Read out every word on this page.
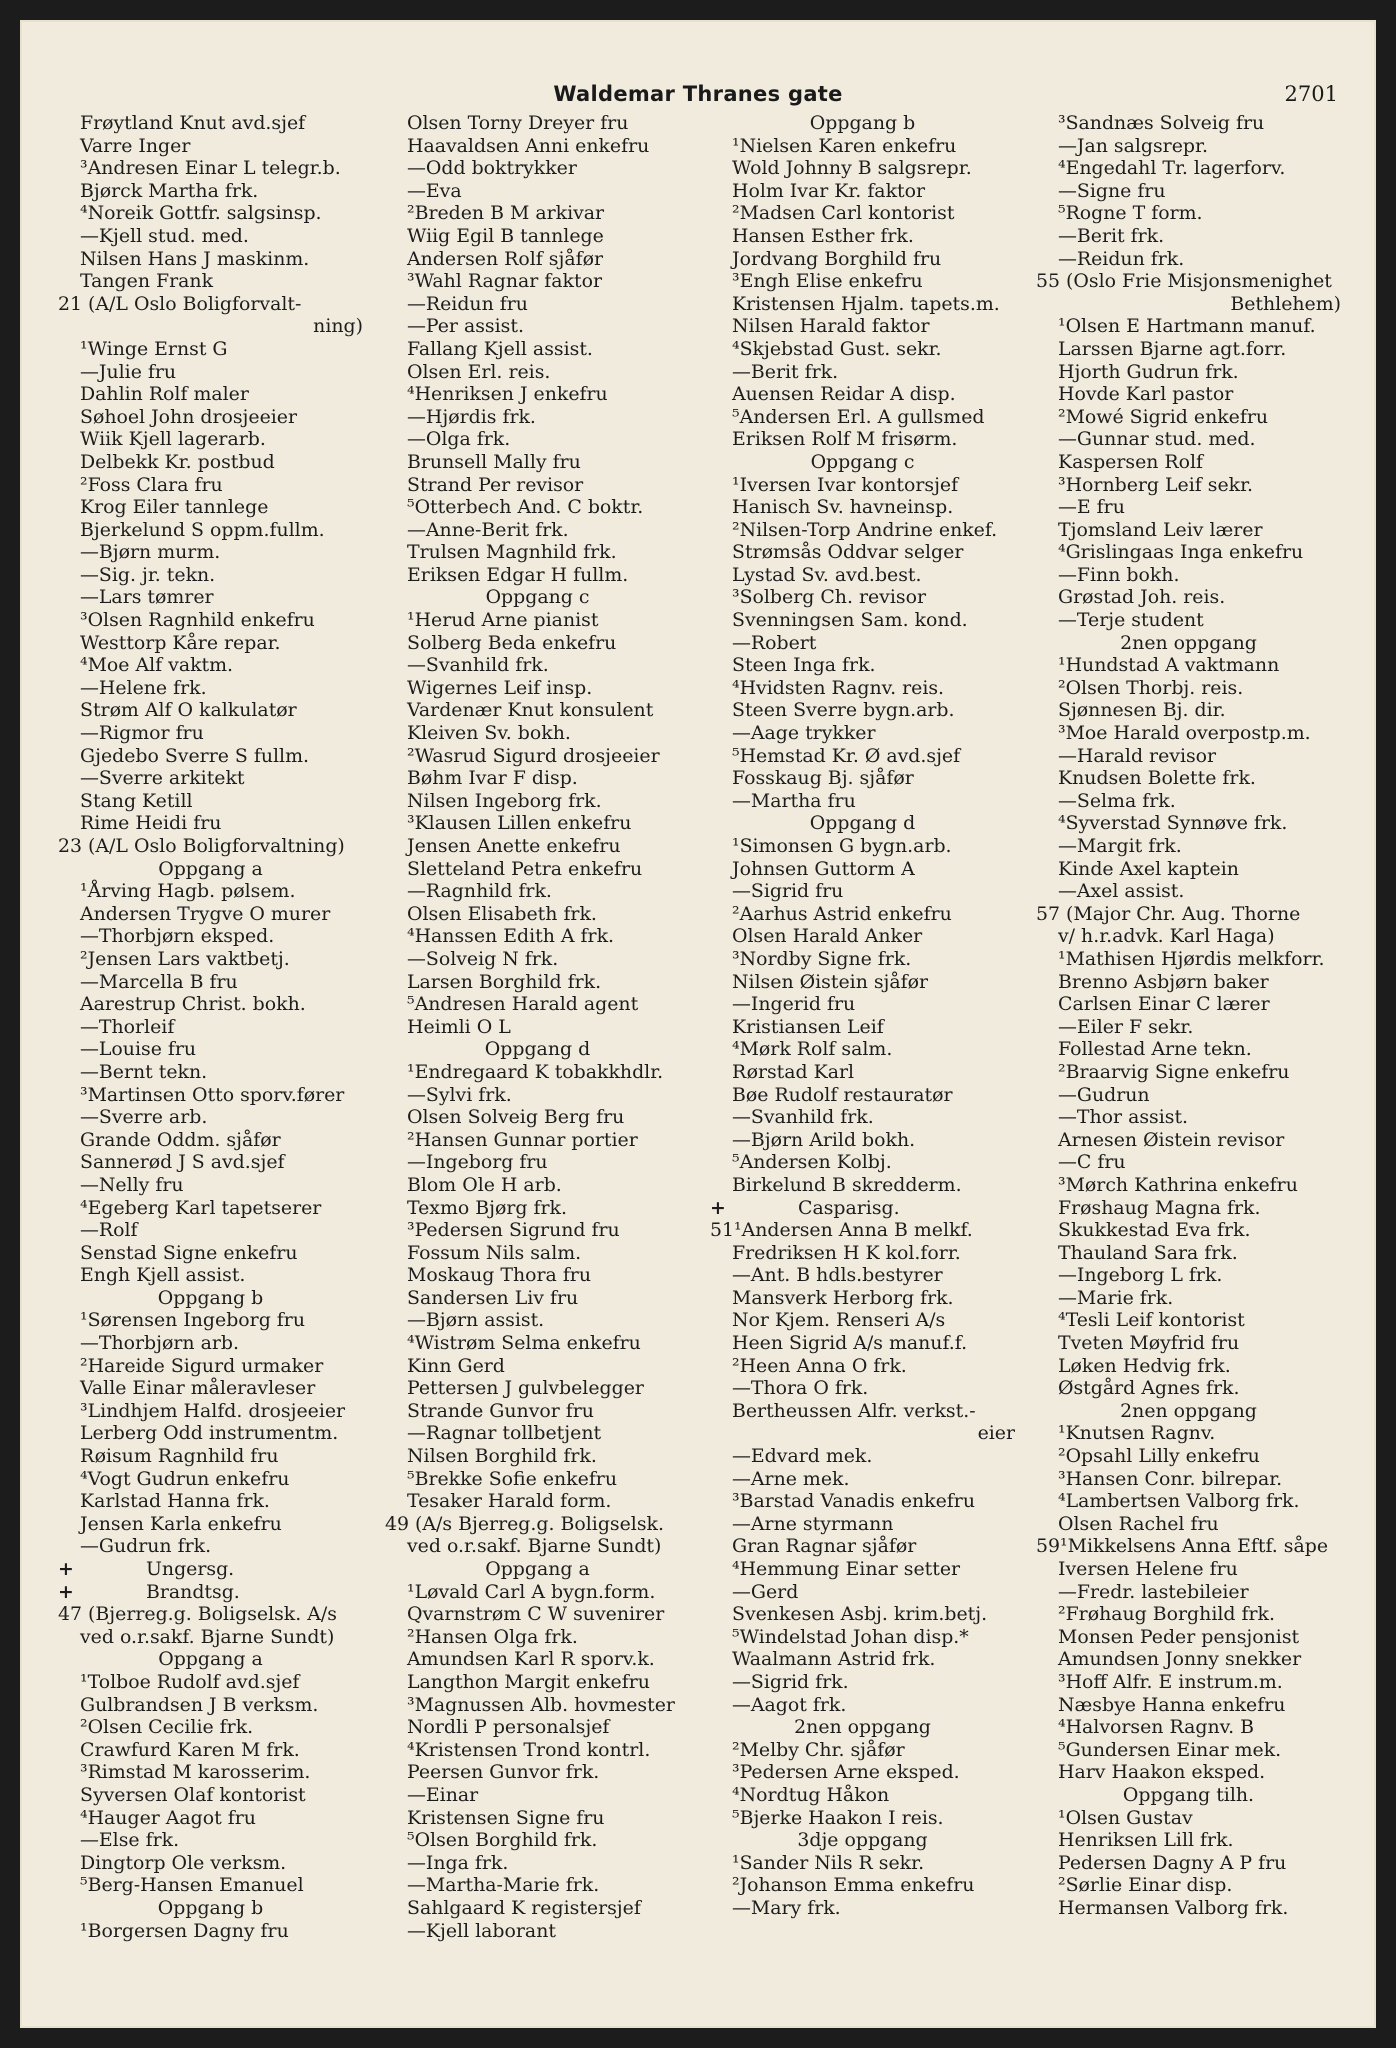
Waldemar Thranes gate	2701
Frøytland Knut avd.sjef
Varre Inger
³Andresen Einar L telegr.b.
Bjørck Martha frk.
⁴Noreik Gottfr. salgsinsp.
—Kjell stud. med.
Nilsen Hans J maskinm.
Tangen Frank
21 (A/L Oslo Boligforvalt-
ning)
¹Winge Ernst G
—Julie fru
Dahlin Rolf maler
Søhoel John drosjeeier
Wiik Kjell lagerarb.
Delbekk Kr. postbud
²Foss Clara fru
Krog Eiler tannlege
Bjerkelund S oppm.fullm.
—Bjørn murm.
—Sig. jr. tekn.
—Lars tømrer
³Olsen Ragnhild enkefru
Westtorp Kåre repar.
⁴Moe Alf vaktm.
—Helene frk.
Strøm Alf O kalkulatør
—Rigmor fru
Gjedebo Sverre S fullm.
—Sverre arkitekt
Stang Ketill
Rime Heidi fru
23 (A/L Oslo Boligforvaltning)
Oppgang a
¹Årving Hagb. pølsem.
Andersen Trygve O murer
—Thorbjørn eksped.
²Jensen Lars vaktbetj.
—Marcella B fru
Aarestrup Christ. bokh.
—Thorleif
—Louise fru
—Bernt tekn.
³Martinsen Otto sporv.fører
—Sverre arb.
Grande Oddm. sjåfør
Sannerød J S avd.sjef
—Nelly fru
⁴Egeberg Karl tapetserer
—Rolf
Senstad Signe enkefru
Engh Kjell assist.
Oppgang b
¹Sørensen Ingeborg fru
—Thorbjørn arb.
²Hareide Sigurd urmaker
Valle Einar måleravleser
³Lindhjem Halfd. drosjeeier
Lerberg Odd instrumentm.
Røisum Ragnhild fru
⁴Vogt Gudrun enkefru
Karlstad Hanna frk.
Jensen Karla enkefru
—Gudrun frk.
+	Ungersg.
+	Brandtsg.
47 (Bjerreg.g. Boligselsk. A/s
ved o.r.sakf. Bjarne Sundt)
Oppgang a
¹Tolboe Rudolf avd.sjef
Gulbrandsen J B verksm.
²Olsen Cecilie frk.
Crawfurd Karen M frk.
³Rimstad M karosserim.
Syversen Olaf kontorist
⁴Hauger Aagot fru
—Else frk.
Dingtorp Ole verksm.
⁵Berg-Hansen Emanuel
Oppgang b
¹Borgersen Dagny fru
Olsen Torny Dreyer fru
Haavaldsen Anni enkefru
—Odd boktrykker
—Eva
²Breden B M arkivar
Wiig Egil B tannlege
Andersen Rolf sjåfør
³Wahl Ragnar faktor
—Reidun fru
—Per assist.
Fallang Kjell assist.
Olsen Erl. reis.
⁴Henriksen J enkefru
—Hjørdis frk.
—Olga frk.
Brunsell Mally fru
Strand Per revisor
⁵Otterbech And. C boktr.
—Anne-Berit frk.
Trulsen Magnhild frk.
Eriksen Edgar H fullm.
Oppgang c
¹Herud Arne pianist
Solberg Beda enkefru
—Svanhild frk.
Wigernes Leif insp.
Vardenær Knut konsulent
Kleiven Sv. bokh.
²Wasrud Sigurd drosjeeier
Bøhm Ivar F disp.
Nilsen Ingeborg frk.
³Klausen Lillen enkefru
Jensen Anette enkefru
Sletteland Petra enkefru
—Ragnhild frk.
Olsen Elisabeth frk.
⁴Hanssen Edith A frk.
—Solveig N frk.
Larsen Borghild frk.
⁵Andresen Harald agent
Heimli O L
Oppgang d
¹Endregaard K tobakkhdlr.
—Sylvi frk.
Olsen Solveig Berg fru
²Hansen Gunnar portier
—Ingeborg fru
Blom Ole H arb.
Texmo Bjørg frk.
³Pedersen Sigrund fru
Fossum Nils salm.
Moskaug Thora fru
Sandersen Liv fru
—Bjørn assist.
⁴Wistrøm Selma enkefru
Kinn Gerd
Pettersen J gulvbelegger
Strande Gunvor fru
—Ragnar tollbetjent
Nilsen Borghild frk.
⁵Brekke Sofie enkefru
Tesaker Harald form.
49 (A/s Bjerreg.g. Boligselsk.
ved o.r.sakf. Bjarne Sundt)
Oppgang a
¹Løvald Carl A bygn.form.
Qvarnstrøm C W suvenirer
²Hansen Olga frk.
Amundsen Karl R sporv.k.
Langthon Margit enkefru
³Magnussen Alb. hovmester
Nordli P personalsjef
⁴Kristensen Trond kontrl.
Peersen Gunvor frk.
—Einar
Kristensen Signe fru
⁵Olsen Borghild frk.
—Inga frk.
—Martha-Marie frk.
Sahlgaard K registersjef
—Kjell laborant
Oppgang b
¹Nielsen Karen enkefru
Wold Johnny B salgsrepr.
Holm Ivar Kr. faktor
²Madsen Carl kontorist
Hansen Esther frk.
Jordvang Borghild fru
³Engh Elise enkefru
Kristensen Hjalm. tapets.m.
Nilsen Harald faktor
⁴Skjebstad Gust. sekr.
—Berit frk.
Auensen Reidar A disp.
⁵Andersen Erl. A gullsmed
Eriksen Rolf M frisørm.
Oppgang c
¹Iversen Ivar kontorsjef
Hanisch Sv. havneinsp.
²Nilsen-Torp Andrine enkef.
Strømsås Oddvar selger
Lystad Sv. avd.best.
³Solberg Ch. revisor
Svenningsen Sam. kond.
—Robert
Steen Inga frk.
⁴Hvidsten Ragnv. reis.
Steen Sverre bygn.arb.
—Aage trykker
⁵Hemstad Kr. Ø avd.sjef
Fosskaug Bj. sjåfør
—Martha fru
Oppgang d
¹Simonsen G bygn.arb.
Johnsen Guttorm A
—Sigrid fru
²Aarhus Astrid enkefru
Olsen Harald Anker
³Nordby Signe frk.
Nilsen Øistein sjåfør
—Ingerid fru
Kristiansen Leif
⁴Mørk Rolf salm.
Rørstad Karl
Bøe Rudolf restauratør
—Svanhild frk.
—Bjørn Arild bokh.
⁵Andersen Kolbj.
Birkelund B skredderm.
+	Casparisg.
51¹Andersen Anna B melkf.
Fredriksen H K kol.forr.
—Ant. B hdls.bestyrer
Mansverk Herborg frk.
Nor Kjem. Renseri A/s
Heen Sigrid A/s manuf.f.
²Heen Anna O frk.
—Thora O frk.
Bertheussen Alfr. verkst.-
eier
—Edvard mek.
—Arne mek.
³Barstad Vanadis enkefru
—Arne styrmann
Gran Ragnar sjåfør
⁴Hemmung Einar setter
—Gerd
Svenkesen Asbj. krim.betj.
⁵Windelstad Johan disp.*
Waalmann Astrid frk.
—Sigrid frk.
—Aagot frk.
2nen oppgang
²Melby Chr. sjåfør
³Pedersen Arne eksped.
⁴Nordtug Håkon
⁵Bjerke Haakon I reis.
3dje oppgang
¹Sander Nils R sekr.
²Johanson Emma enkefru
—Mary frk.
³Sandnæs Solveig fru
—Jan salgsrepr.
⁴Engedahl Tr. lagerforv.
—Signe fru
⁵Rogne T form.
—Berit frk.
—Reidun frk.
55 (Oslo Frie Misjonsmenighet
Bethlehem)
¹Olsen E Hartmann manuf.
Larssen Bjarne agt.forr.
Hjorth Gudrun frk.
Hovde Karl pastor
²Mowé Sigrid enkefru
—Gunnar stud. med.
Kaspersen Rolf
³Hornberg Leif sekr.
—E fru
Tjomsland Leiv lærer
⁴Grislingaas Inga enkefru
—Finn bokh.
Grøstad Joh. reis.
—Terje student
2nen oppgang
¹Hundstad A vaktmann
²Olsen Thorbj. reis.
Sjønnesen Bj. dir.
³Moe Harald overpostp.m.
—Harald revisor
Knudsen Bolette frk.
—Selma frk.
⁴Syverstad Synnøve frk.
—Margit frk.
Kinde Axel kaptein
—Axel assist.
57 (Major Chr. Aug. Thorne
v/ h.r.advk. Karl Haga)
¹Mathisen Hjørdis melkforr.
Brenno Asbjørn baker
Carlsen Einar C lærer
—Eiler F sekr.
Follestad Arne tekn.
²Braarvig Signe enkefru
—Gudrun
—Thor assist.
Arnesen Øistein revisor
—C fru
³Mørch Kathrina enkefru
Frøshaug Magna frk.
Skukkestad Eva frk.
Thauland Sara frk.
—Ingeborg L frk.
—Marie frk.
⁴Tesli Leif kontorist
Tveten Møyfrid fru
Løken Hedvig frk.
Østgård Agnes frk.
2nen oppgang
¹Knutsen Ragnv.
²Opsahl Lilly enkefru
³Hansen Conr. bilrepar.
⁴Lambertsen Valborg frk.
Olsen Rachel fru
59¹Mikkelsens Anna Eftf. såpe
Iversen Helene fru
—Fredr. lastebileier
²Frøhaug Borghild frk.
Monsen Peder pensjonist
Amundsen Jonny snekker
³Hoff Alfr. E instrum.m.
Næsbye Hanna enkefru
⁴Halvorsen Ragnv. B
⁵Gundersen Einar mek.
Harv Haakon eksped.
Oppgang tilh.
¹Olsen Gustav
Henriksen Lill frk.
Pedersen Dagny A P fru
²Sørlie Einar disp.
Hermansen Valborg frk.
